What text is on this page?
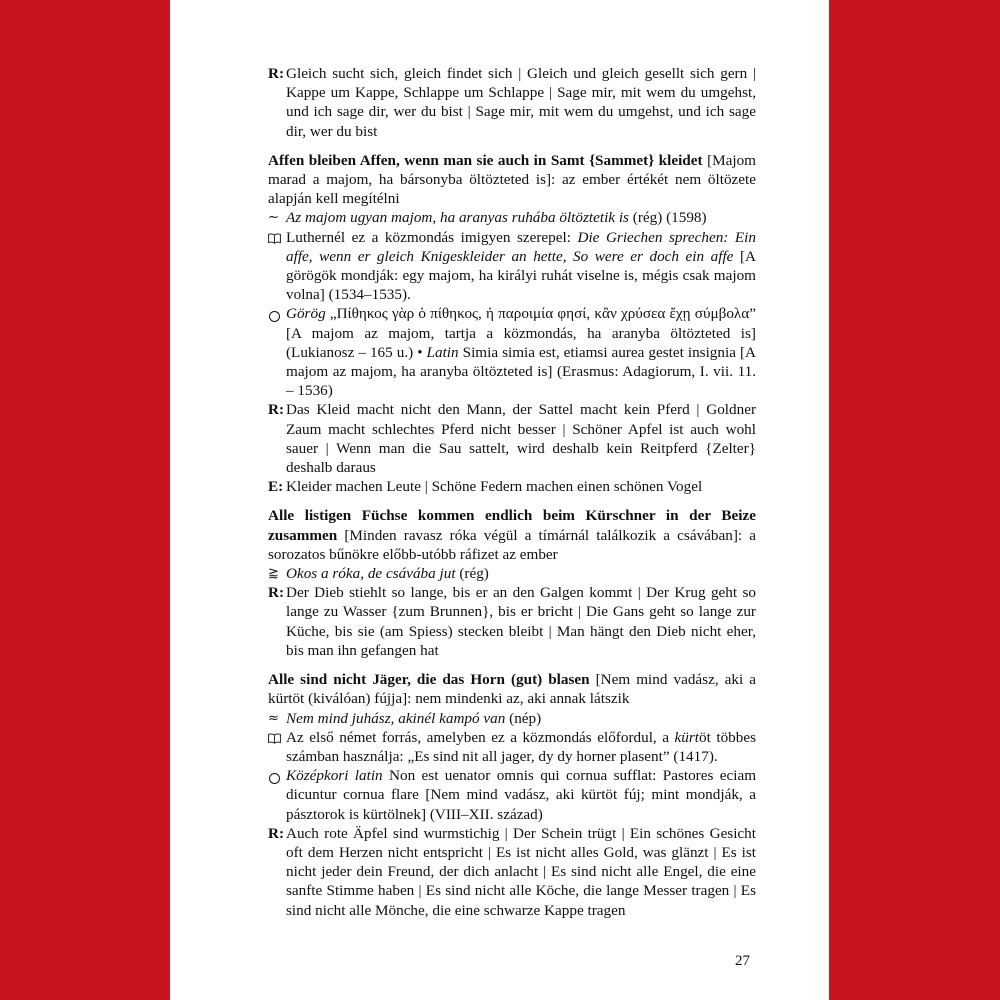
R: Gleich sucht sich, gleich findet sich | Gleich und gleich gesellt sich gern | Kappe um Kappe, Schlappe um Schlappe | Sage mir, mit wem du umgehst, und ich sage dir, wer du bist | Sage mir, mit wem du umgehst, und ich sage dir, wer du bist

Affen bleiben Affen, wenn man sie auch in Samt {Sammet} kleidet [Majom marad a majom, ha bársonyba öltözteted is]: az ember értékét nem öltözete alapján kell megítélni

~ Az majom ugyan majom, ha aranyas ruhába öltöztetik is (rég) (1598)
Luthernél ez a közmondás imigyen szerepel: Die Griechen sprechen: Ein affe, wenn er gleich Knigeskleider an hette, So were er doch ein affe [A görögök mondják: egy majom, ha királyi ruhát viselne is, mégis csak majom volna] (1534–1535).
Görög „Πίθηκος γὰρ ὁ πίθηκος, ἡ παροιμία φησί, κἂν χρύσεα ἔχῃ σύμβολα” [A majom az majom, tartja a közmondás, ha aranyba öltözteted is] (Lukianosz – 165 u.) • Latin Simia simia est, etiamsi aurea gestet insignia [A majom az majom, ha aranyba öltözteted is] (Erasmus: Adagiorum, I. vii. 11. – 1536)
R: Das Kleid macht nicht den Mann, der Sattel macht kein Pferd | Goldner Zaum macht schlechtes Pferd nicht besser | Schöner Apfel ist auch wohl sauer | Wenn man die Sau sattelt, wird deshalb kein Reitpferd {Zelter} deshalb daraus
E: Kleider machen Leute | Schöne Federn machen einen schönen Vogel

Alle listigen Füchse kommen endlich beim Kürschner in der Beize zusammen [Minden ravasz róka végül a tímárnál találkozik a csávában]: a sorozatos bűnökre előbb-utóbb ráfizet az ember

⪆ Okos a róka, de csávába jut (rég)
R: Der Dieb stiehlt so lange, bis er an den Galgen kommt | Der Krug geht so lange zu Wasser {zum Brunnen}, bis er bricht | Die Gans geht so lange zur Küche, bis sie (am Spiess) stecken bleibt | Man hängt den Dieb nicht eher, bis man ihn gefangen hat

Alle sind nicht Jäger, die das Horn (gut) blasen [Nem mind vadász, aki a kürtöt (kiválóan) fújja]: nem mindenki az, aki annak látszik

≈ Nem mind juhász, akinél kampó van (nép)
Az első német forrás, amelyben ez a közmondás előfordul, a kürtöt többes számban használja: „Es sind nit all jager, dy dy horner plasent” (1417).
Középkori latin Non est uenator omnis qui cornua sufflat: Pastores eciam dicuntur cornua flare [Nem mind vadász, aki kürtöt fúj; mint mondják, a pásztorok is kürtölnek] (VIII–XII. század)
R: Auch rote Äpfel sind wurmstichig | Der Schein trügt | Ein schönes Gesicht oft dem Herzen nicht entspricht | Es ist nicht alles Gold, was glänzt | Es ist nicht jeder dein Freund, der dich anlacht | Es sind nicht alle Engel, die eine sanfte Stimme haben | Es sind nicht alle Köche, die lange Messer tragen | Es sind nicht alle Mönche, die eine schwarze Kappe tragen
27
